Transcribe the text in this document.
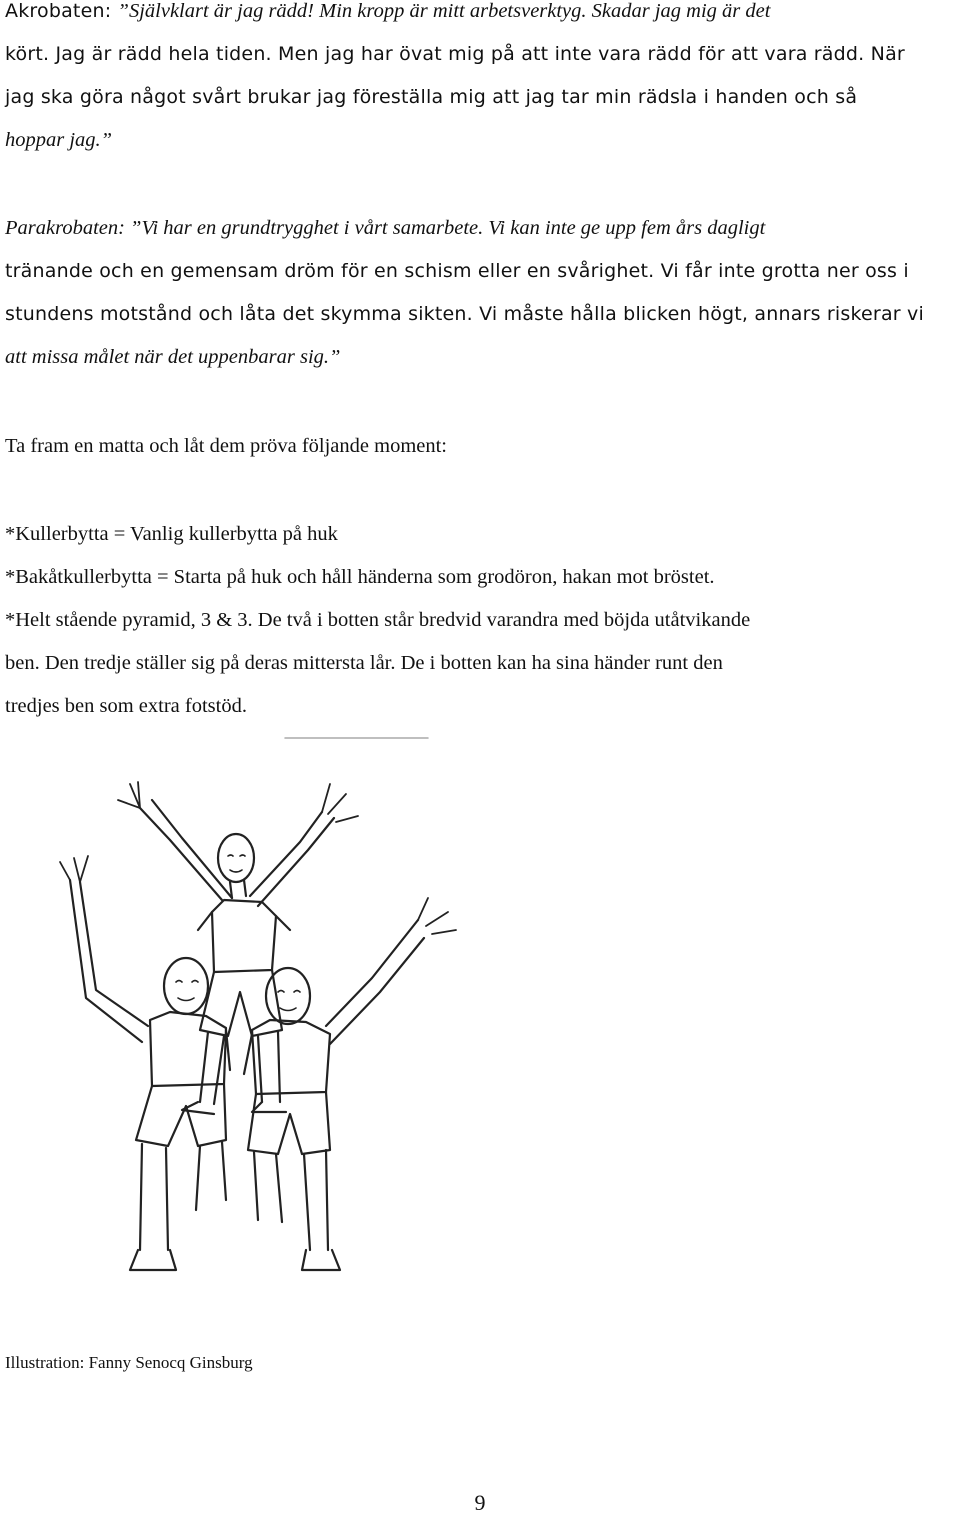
Akrobaten: ”Självklart är jag rädd! Min kropp är mitt arbetsverktyg. Skadar jag mig är det
kört. Jag är rädd hela tiden. Men jag har övat mig på att inte vara rädd för att vara rädd. När
jag ska göra något svårt brukar jag föreställa mig att jag tar min rädsla i handen och så
hoppar jag.”

Parakrobaten: ”Vi har en grundtrygghet i vårt samarbete. Vi kan inte ge upp fem års dagligt
tränande och en gemensam dröm för en schism eller en svårighet. Vi får inte grotta ner oss i
stundens motstånd och låta det skymma sikten. Vi måste hålla blicken högt, annars riskerar vi
att missa målet när det uppenbarar sig.”

Ta fram en matta och låt dem pröva följande moment:

*Kullerbytta = Vanlig kullerbytta på huk
*Bakåtkullerbytta = Starta på huk och håll händerna som grodöron, hakan mot bröstet.
*Helt stående pyramid, 3 & 3. De två i botten står bredvid varandra med böjda utåtvikande
ben. Den tredje ställer sig på deras mittersta lår. De i botten kan ha sina händer runt den
tredjes ben som extra fotstöd.

Illustration: Fanny Senocq Ginsburg
9
